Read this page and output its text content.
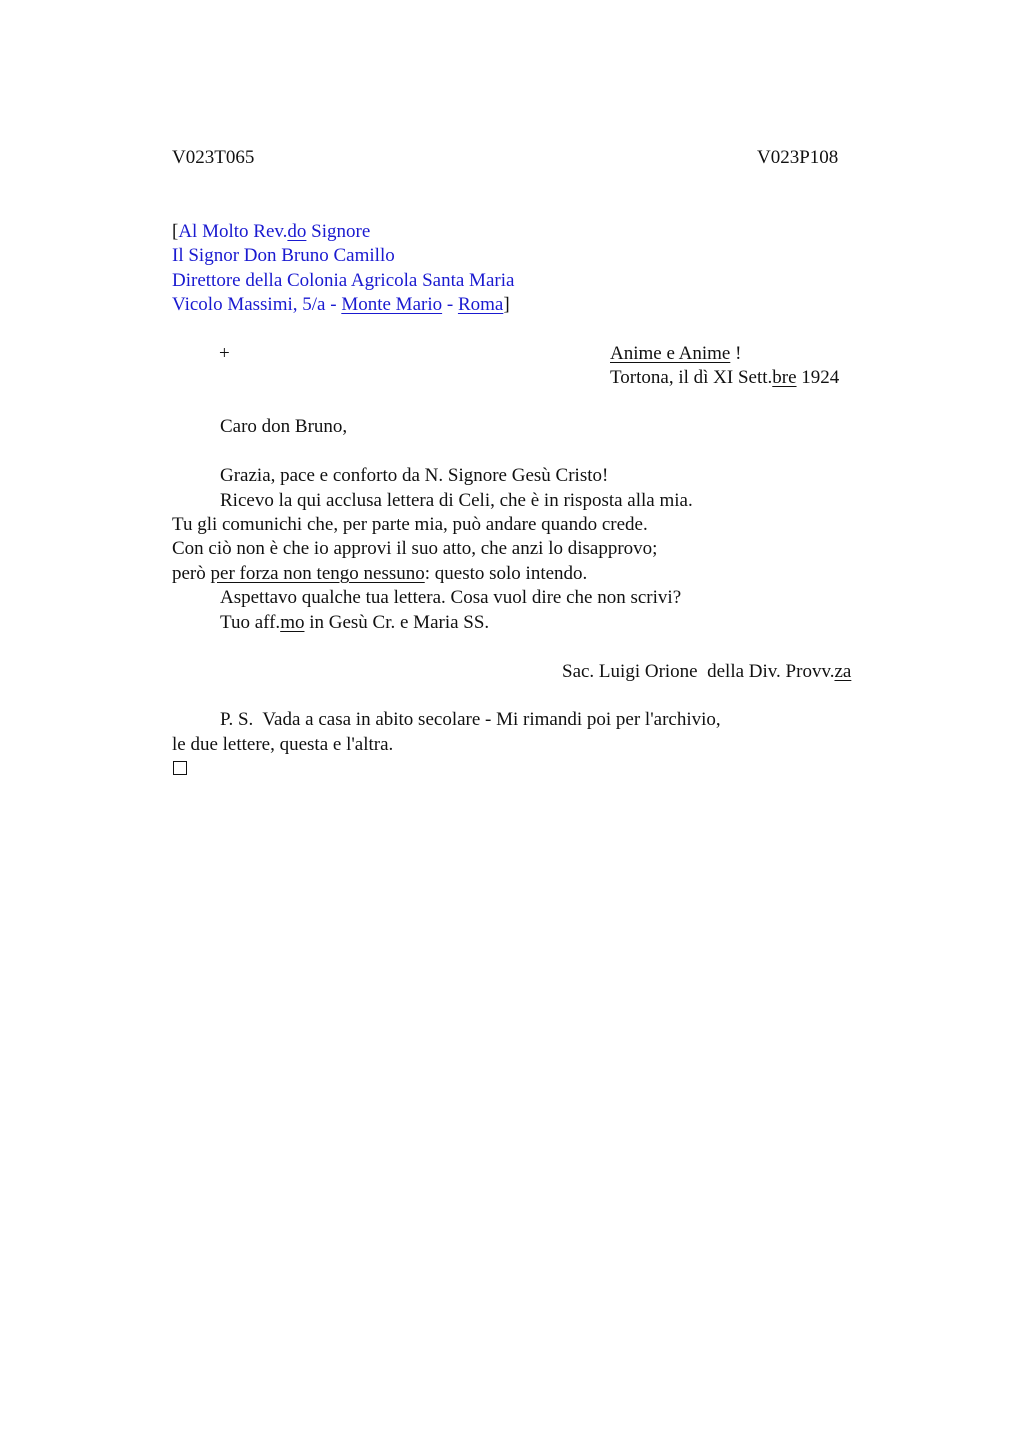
V023T065	V023P108
[Al Molto Rev.do Signore
Il Signor Don Bruno Camillo
Direttore della Colonia Agricola Santa Maria
Vicolo Massimi, 5/a - Monte Mario - Roma]
+	Anime e Anime !
Tortona, il dì XI Sett.bre 1924
Caro don Bruno,
Grazia, pace e conforto da N. Signore Gesù Cristo!
Ricevo la qui acclusa lettera di Celi, che è in risposta alla mia.
Tu gli comunichi che, per parte mia, può andare quando crede.
Con ciò non è che io approvi il suo atto, che anzi lo disapprovo;
però per forza non tengo nessuno: questo solo intendo.
Aspettavo qualche tua lettera. Cosa vuol dire che non scrivi?
Tuo aff.mo in Gesù Cr. e Maria SS.
Sac. Luigi Orione  della Div. Provv.za
P. S.  Vada a casa in abito secolare - Mi rimandi poi per l'archivio,
le due lettere, questa e l'altra.
